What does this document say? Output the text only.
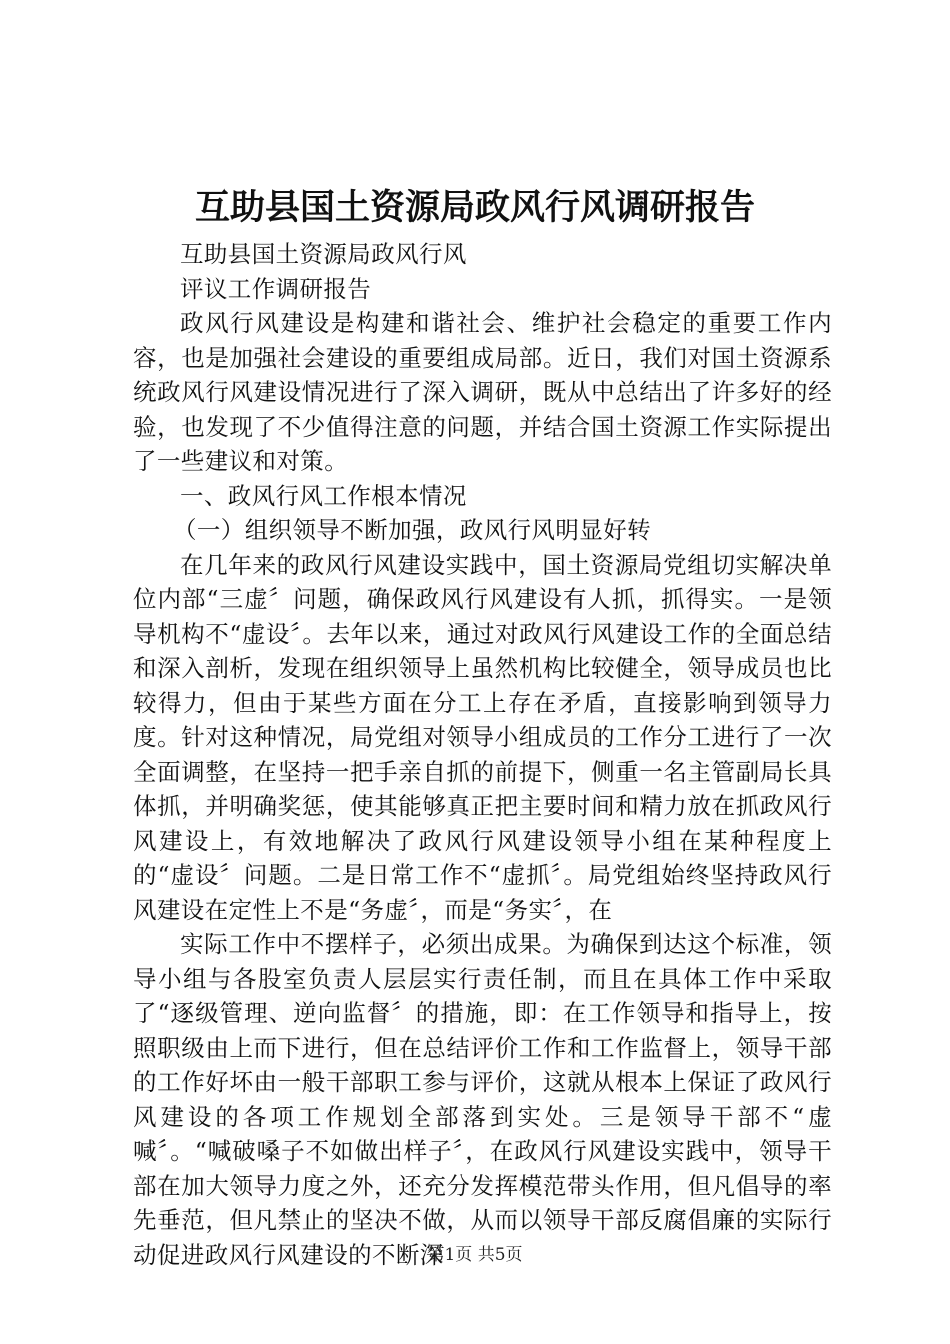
互助县国土资源局政风行风调研报告

互助县国土资源局政风行风

评议工作调研报告

政风行风建设是构建和谐社会、维护社会稳定的重要工作内容，也是加强社会建设的重要组成局部。近日，我们对国土资源系统政风行风建设情况进行了深入调研，既从中总结出了许多好的经验，也发现了不少值得注意的问题，并结合国土资源工作实际提出了一些建议和对策。

一、政风行风工作根本情况

（一）组织领导不断加强，政风行风明显好转

在几年来的政风行风建设实践中，国土资源局党组切实解决单位内部“三虚〞问题，确保政风行风建设有人抓，抓得实。一是领导机构不“虚设〞。去年以来，通过对政风行风建设工作的全面总结和深入剖析，发现在组织领导上虽然机构比较健全，领导成员也比较得力，但由于某些方面在分工上存在矛盾，直接影响到领导力度。针对这种情况，局党组对领导小组成员的工作分工进行了一次全面调整，在坚持一把手亲自抓的前提下，侧重一名主管副局长具体抓，并明确奖惩，使其能够真正把主要时间和精力放在抓政风行风建设上，有效地解决了政风行风建设领导小组在某种程度上的“虚设〞问题。二是日常工作不“虚抓〞。局党组始终坚持政风行风建设在定性上不是“务虚〞，而是“务实〞，在

实际工作中不摆样子，必须出成果。为确保到达这个标准，领导小组与各股室负责人层层实行责任制，而且在具体工作中采取了“逐级管理、逆向监督〞的措施，即：在工作领导和指导上，按照职级由上而下进行，但在总结评价工作和工作监督上，领导干部的工作好坏由一般干部职工参与评价，这就从根本上保证了政风行风建设的各项工作规划全部落到实处。三是领导干部不“虚喊〞。“喊破嗓子不如做出样子〞，在政风行风建设实践中，领导干部在加大领导力度之外，还充分发挥模范带头作用，但凡倡导的率先垂范，但凡禁止的坚决不做，从而以领导干部反腐倡廉的实际行动促进政风行风建设的不断深

第1页 共5页
